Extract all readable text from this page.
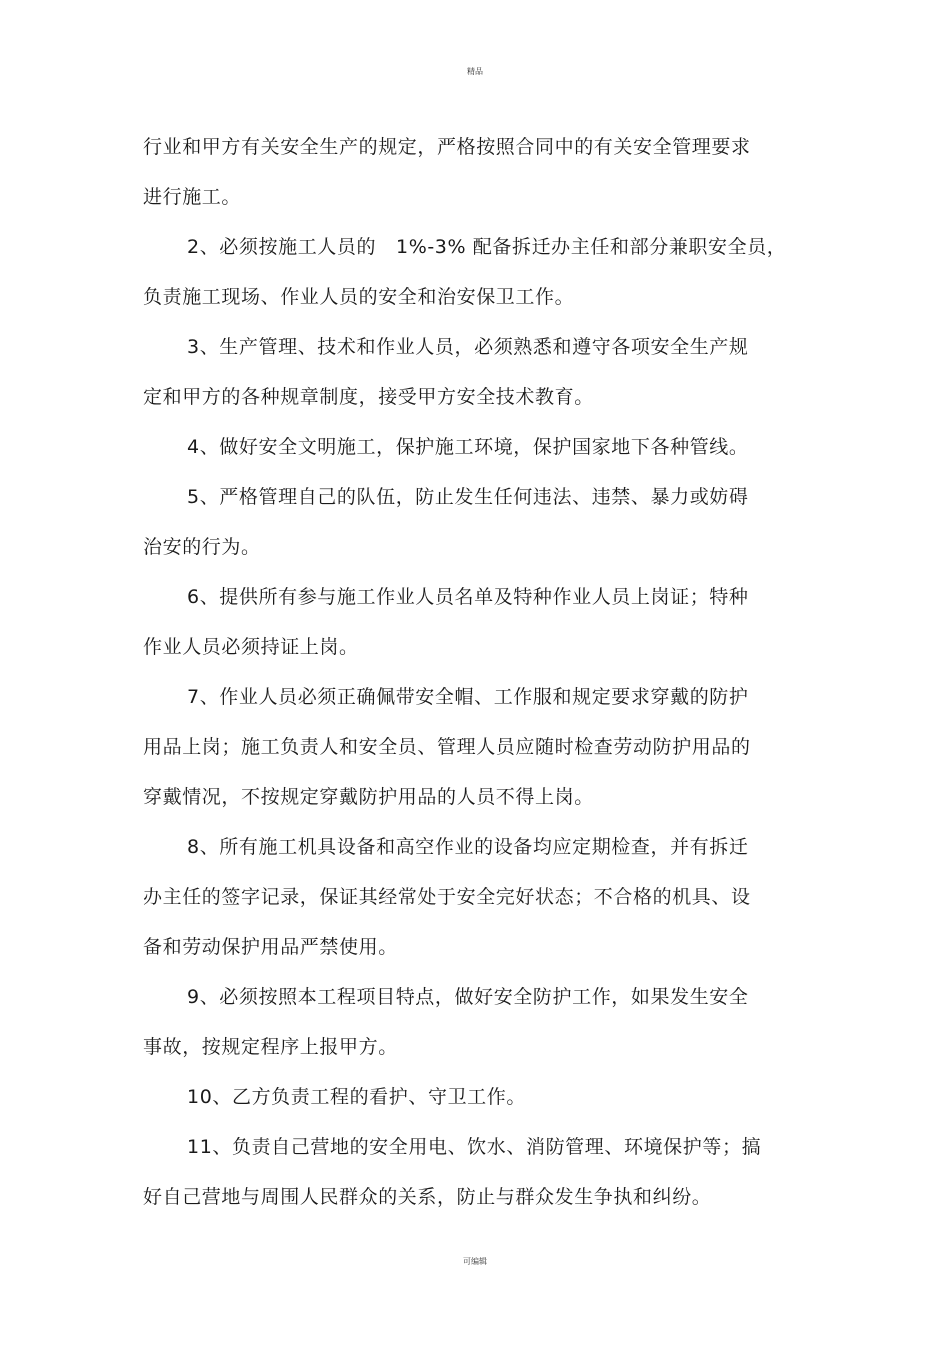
精品

行业和甲方有关安全生产的规定，严格按照合同中的有关安全管理要求
进行施工。

2、必须按施工人员的   1%-3% 配备拆迁办主任和部分兼职安全员，
负责施工现场、作业人员的安全和治安保卫工作。

3、生产管理、技术和作业人员，必须熟悉和遵守各项安全生产规
定和甲方的各种规章制度，接受甲方安全技术教育。

4、做好安全文明施工，保护施工环境，保护国家地下各种管线。

5、严格管理自己的队伍，防止发生任何违法、违禁、暴力或妨碍
治安的行为。

6、提供所有参与施工作业人员名单及特种作业人员上岗证；特种
作业人员必须持证上岗。

7、作业人员必须正确佩带安全帽、工作服和规定要求穿戴的防护
用品上岗；施工负责人和安全员、管理人员应随时检查劳动防护用品的
穿戴情况，不按规定穿戴防护用品的人员不得上岗。

8、所有施工机具设备和高空作业的设备均应定期检查，并有拆迁
办主任的签字记录，保证其经常处于安全完好状态；不合格的机具、设
备和劳动保护用品严禁使用。

9、必须按照本工程项目特点，做好安全防护工作，如果发生安全
事故，按规定程序上报甲方。

10、乙方负责工程的看护、守卫工作。

11、负责自己营地的安全用电、饮水、消防管理、环境保护等；搞
好自己营地与周围人民群众的关系，防止与群众发生争执和纠纷。

可编辑
